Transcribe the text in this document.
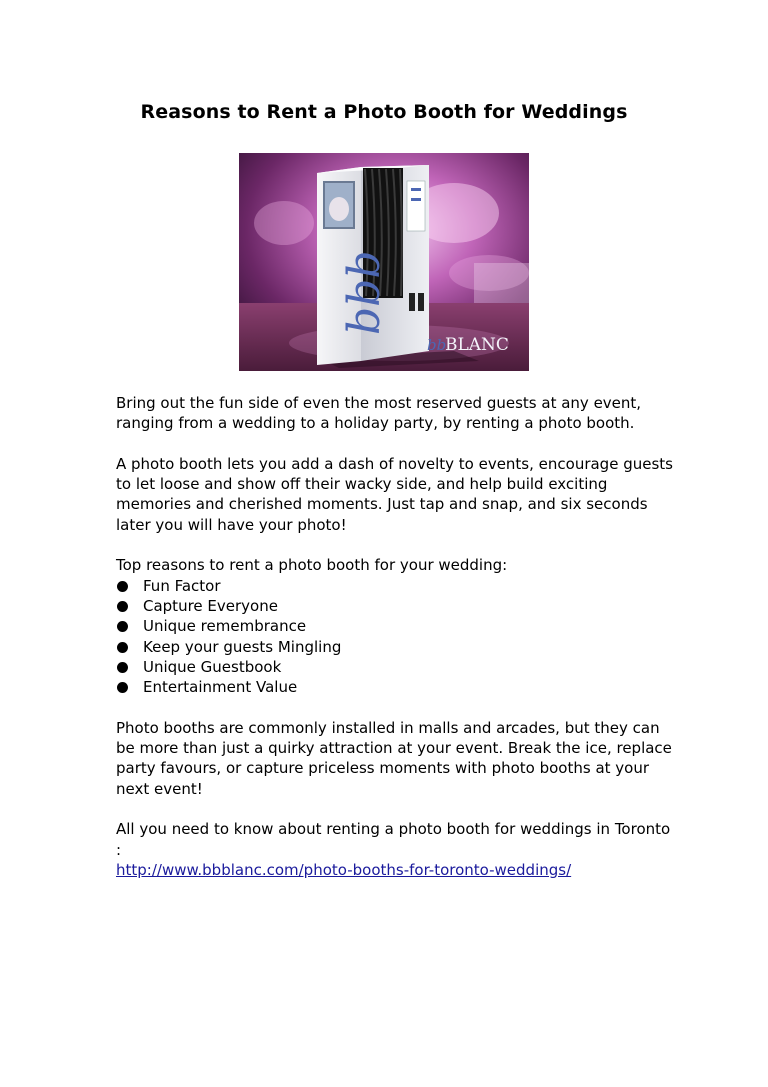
Reasons to Rent a Photo Booth for Weddings
bbb
bb
BLANC

Bring out the fun side of even the most reserved guests at any event, ranging from a wedding to a holiday party, by renting a photo booth.

A photo booth lets you add a dash of novelty to events, encourage guests to let loose and show off their wacky side, and help build exciting memories and cherished moments. Just tap and snap, and six seconds later you will have your photo!

Top reasons to rent a photo booth for your wedding:
Fun Factor
Capture Everyone
Unique remembrance
Keep your guests Mingling
Unique Guestbook
Entertainment Value

Photo booths are commonly installed in malls and arcades, but they can be more than just a quirky attraction at your event. Break the ice, replace party favours, or capture priceless moments with photo booths at your next event!

All you need to know about renting a photo booth for weddings in Toronto :
http://www.bbblanc.com/photo-booths-for-toronto-weddings/
